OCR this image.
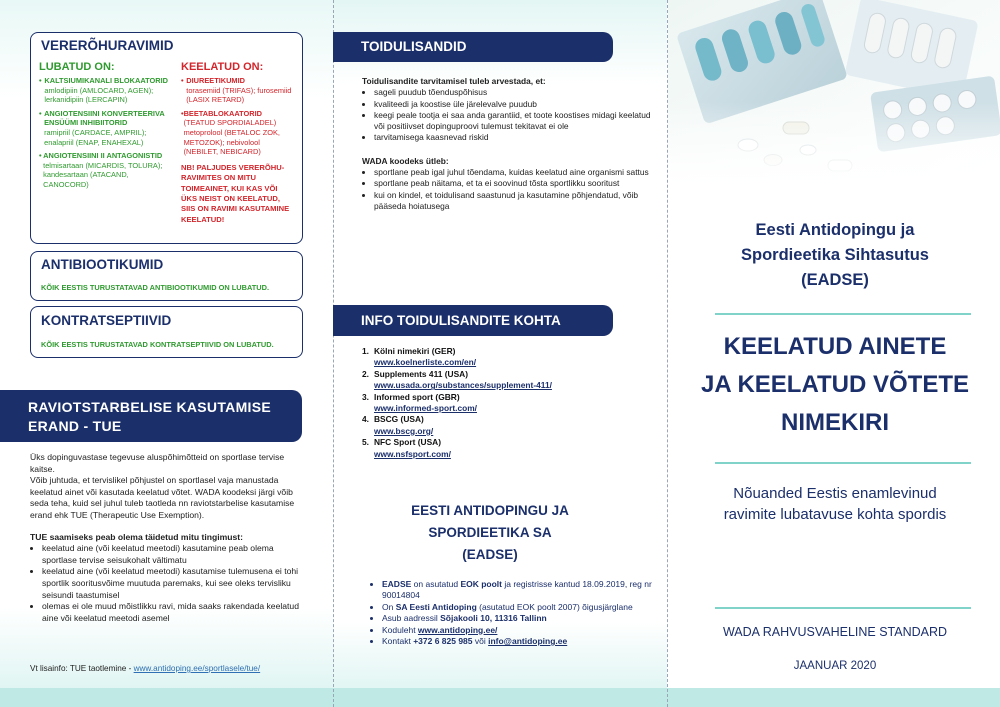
VERERÕHURAVIMID
LUBATUD ON:
• KALTSIUMIKANALI BLOKAATORID
amlodipiin (AMLOCARD, AGEN); lerkanidipiin (LERCAPIN)
• ANGIOTENSIINI KONVERTEERIVA ENSÜÜMI INHIBIITORID
ramipriil (CARDACE, AMPRIL); enalapriil (ENAP, ENAHEXAL)
• ANGIOTENSIINI II ANTAGONISTID
telmisartaan (MICARDIS, TOLURA); kandesartaan (ATACAND, CANOCORD)
KEELATUD ON:
• DIUREETIKUMID
torasemiid (TRIFAS); furosemiid (LASIX RETARD)
• BEETABLOKAATORID
(TEATUD SPORDIALADEL) metoprolool (BETALOC ZOK, METOZOK); nebivolool (NEBILET, NEBICARD)
NB! PALJUDES VERERÕHU-RAVIMITES ON MITU TOIMEAINET, KUI KAS VÕI ÜKS NEIST ON KEELATUD, SIIS ON RAVIMI KASUTAMINE KEELATUD!
ANTIBIOOTIKUMID
KÕIK EESTIS TURUSTATAVAD ANTIBIOOTIKUMID ON LUBATUD.
KONTRATSEPTIIVID
KÕIK EESTIS TURUSTATAVAD KONTRATSEPTIIVID ON LUBATUD.
RAVIOTSTARBELISE KASUTAMISE
ERAND - TUE
Üks dopinguvastase tegevuse aluspõhimõtteid on sportlase tervise kaitse.
Võib juhtuda, et tervislikel põhjustel on sportlasel vaja manustada keelatud ainet või kasutada keelatud võtet. WADA koodeksi järgi võib seda teha, kuid sel juhul tuleb taotleda nn raviotstarbelise kasutamise erand ehk TUE (Therapeutic Use Exemption).
TUE saamiseks peab olema täidetud mitu tingimust:
• keelatud aine (või keelatud meetodi) kasutamine peab olema sportlase tervise seisukohalt vältimatu
• keelatud aine (või keelatud meetodi) kasutamise tulemusena ei tohi sportlik sooritusvõime muutuda paremaks, kui see oleks tervisliku seisundi taastumisel
• olemas ei ole muud mõistlikku ravi, mida saaks rakendada keelatud aine või keelatud meetodi asemel
Vt lisainfo: TUE taotlemine - www.antidoping.ee/sportlasele/tue/
TOIDULISANDID
Toidulisandite tarvitamisel tuleb arvestada, et:
• sageli puudub tõenduspõhisus
• kvaliteedi ja koostise üle järelevalve puudub
• keegi peale tootja ei saa anda garantiid, et toote koostises midagi keelatud või positiivset dopinguproovi tulemust tekitavat ei ole
• tarvitamisega kaasnevad riskid
WADA koodeks ütleb:
• sportlane peab igal juhul tõendama, kuidas keelatud aine organismi sattus
• sportlane peab näitama, et ta ei soovinud tõsta sportlikku sooritust
• kui on kindel, et toidulisand saastunud ja kasutamine põhjendatud, võib pääseda hoiatusega
INFO TOIDULISANDITE KOHTA
1. Kölni nimekiri (GER)
www.koelnerliste.com/en/
2. Supplements 411 (USA)
www.usada.org/substances/supplement-411/
3. Informed sport (GBR)
www.informed-sport.com/
4. BSCG (USA)
www.bscg.org/
5. NFC Sport (USA)
www.nsfsport.com/
EESTI ANTIDOPINGU JA
SPORDIEETIKA SA
(EADSE)
• EADSE on asutatud EOK poolt ja registrisse kantud 18.09.2019, reg nr 90014804
• On SA Eesti Antidoping (asutatud EOK poolt 2007) õigusjärglane
• Asub aadressil Sõjakooli 10, 11316 Tallinn
• Koduleht www.antidoping.ee/
• Kontakt +372 6 825 985 või info@antidoping.ee
Eesti Antidopingu ja
Spordieetika Sihtasutus
(EADSE)
KEELATUD AINETE
JA KEELATUD VÕTETE
NIMEKIRI
Nõuanded Eestis enamlevinud
ravimite lubatavuse kohta spordis
WADA RAHVUSVAHELINE STANDARD
JAANUAR 2020
